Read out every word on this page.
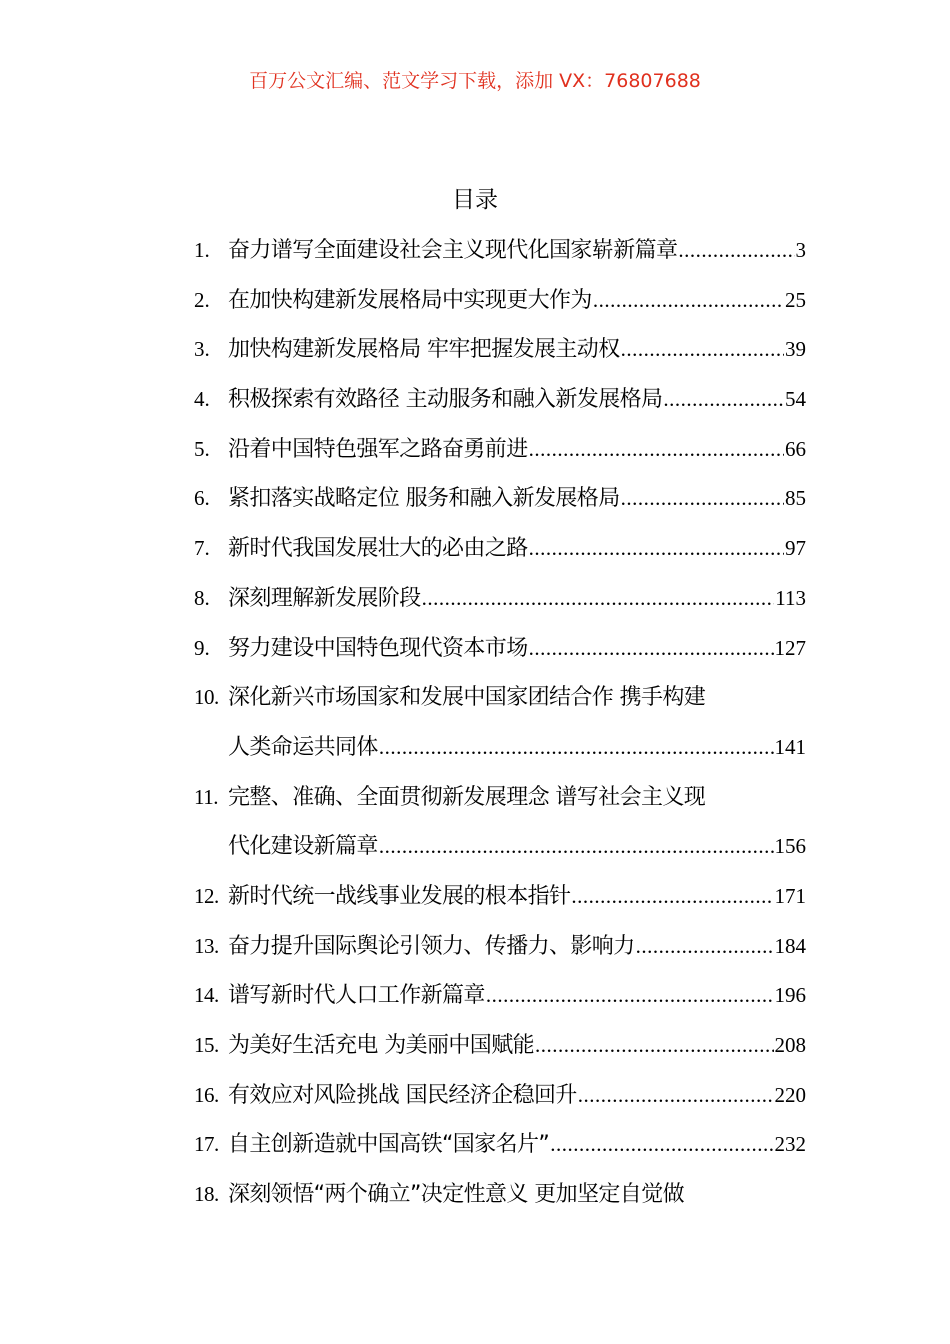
百万公文汇编、范文学习下载，添加 VX：76807688
目录
1. 奋力谱写全面建设社会主义现代化国家崭新篇章 .....	3
2. 在加快构建新发展格局中实现更大作为 .....	25
3. 加快构建新发展格局 牢牢把握发展主动权 .....	39
4. 积极探索有效路径 主动服务和融入新发展格局 .....	54
5. 沿着中国特色强军之路奋勇前进 .....	66
6. 紧扣落实战略定位 服务和融入新发展格局 .....	85
7. 新时代我国发展壮大的必由之路 .....	97
8. 深刻理解新发展阶段 .....	113
9. 努力建设中国特色现代资本市场 .....	127
10. 深化新兴市场国家和发展中国家团结合作 携手构建
人类命运共同体 .....	141
11. 完整、准确、全面贯彻新发展理念 谱写社会主义现
代化建设新篇章 .....	156
12. 新时代统一战线事业发展的根本指针 .....	171
13. 奋力提升国际舆论引领力、传播力、影响力 .....	184
14. 谱写新时代人口工作新篇章 .....	196
15. 为美好生活充电 为美丽中国赋能 .....	208
16. 有效应对风险挑战 国民经济企稳回升 .....	220
17. 自主创新造就中国高铁“国家名片” .....	232
18. 深刻领悟“两个确立”决定性意义 更加坚定自觉做
